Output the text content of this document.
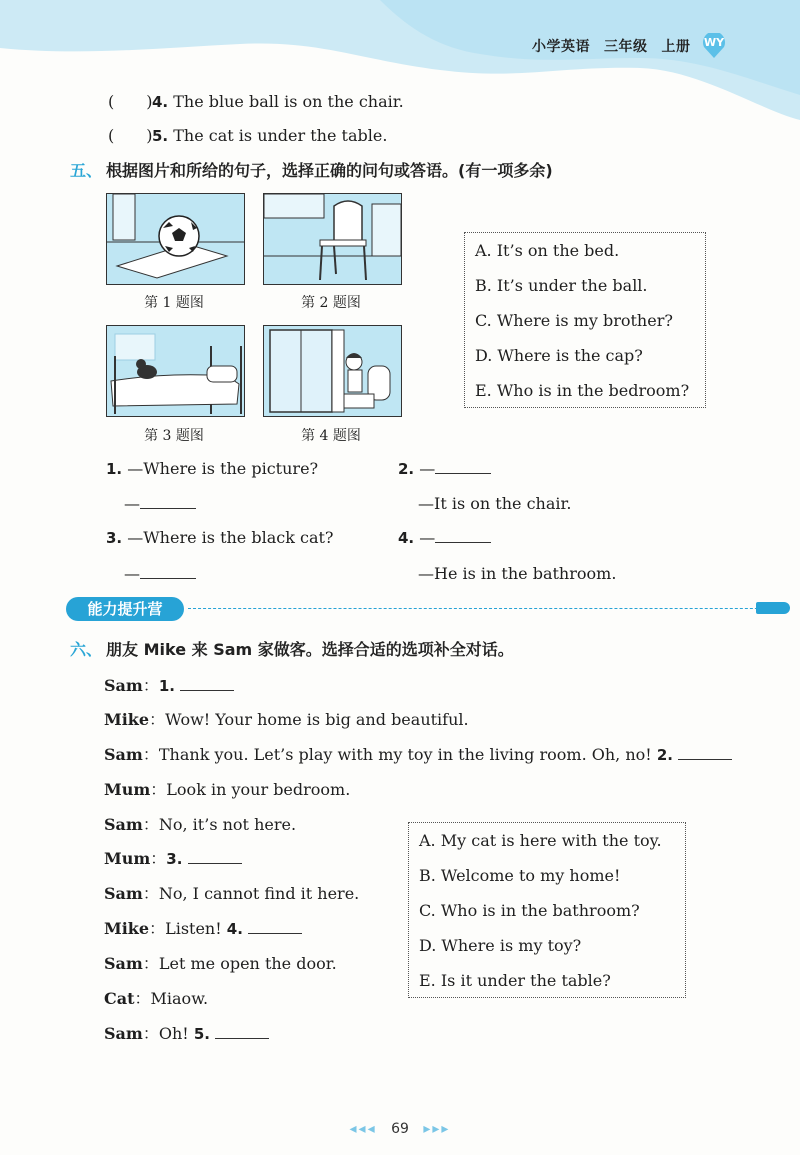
小学英语 三年级 上册	WY
(　　)4. The blue ball is on the chair.
(　　)5. The cat is under the table.
五、 根据图片和所给的句子，选择正确的问句或答语。(有一项多余)
第 1 题图	第 2 题图
第 3 题图	第 4 题图
A. It’s on the bed.
B. It’s under the ball.
C. Where is my brother?
D. Where is the cap?
E. Who is in the bedroom?
1. —Where is the picture?
—
2. —
—It is on the chair.
3. —Where is the black cat?
—
4. —
—He is in the bathroom.
能力提升营
六、 朋友 Mike 来 Sam 家做客。选择合适的选项补全对话。
Sam：1.
Mike：Wow! Your home is big and beautiful.
Sam：Thank you. Let’s play with my toy in the living room. Oh, no! 2.
Mum：Look in your bedroom.
Sam：No, it’s not here.
Mum：3.
Sam：No, I cannot find it here.
Mike：Listen! 4.
Sam：Let me open the door.
Cat：Miaow.
Sam：Oh! 5.
A. My cat is here with the toy.
B. Welcome to my home!
C. Who is in the bathroom?
D. Where is my toy?
E. Is it under the table?
◂◂◂ 69 ▸▸▸
